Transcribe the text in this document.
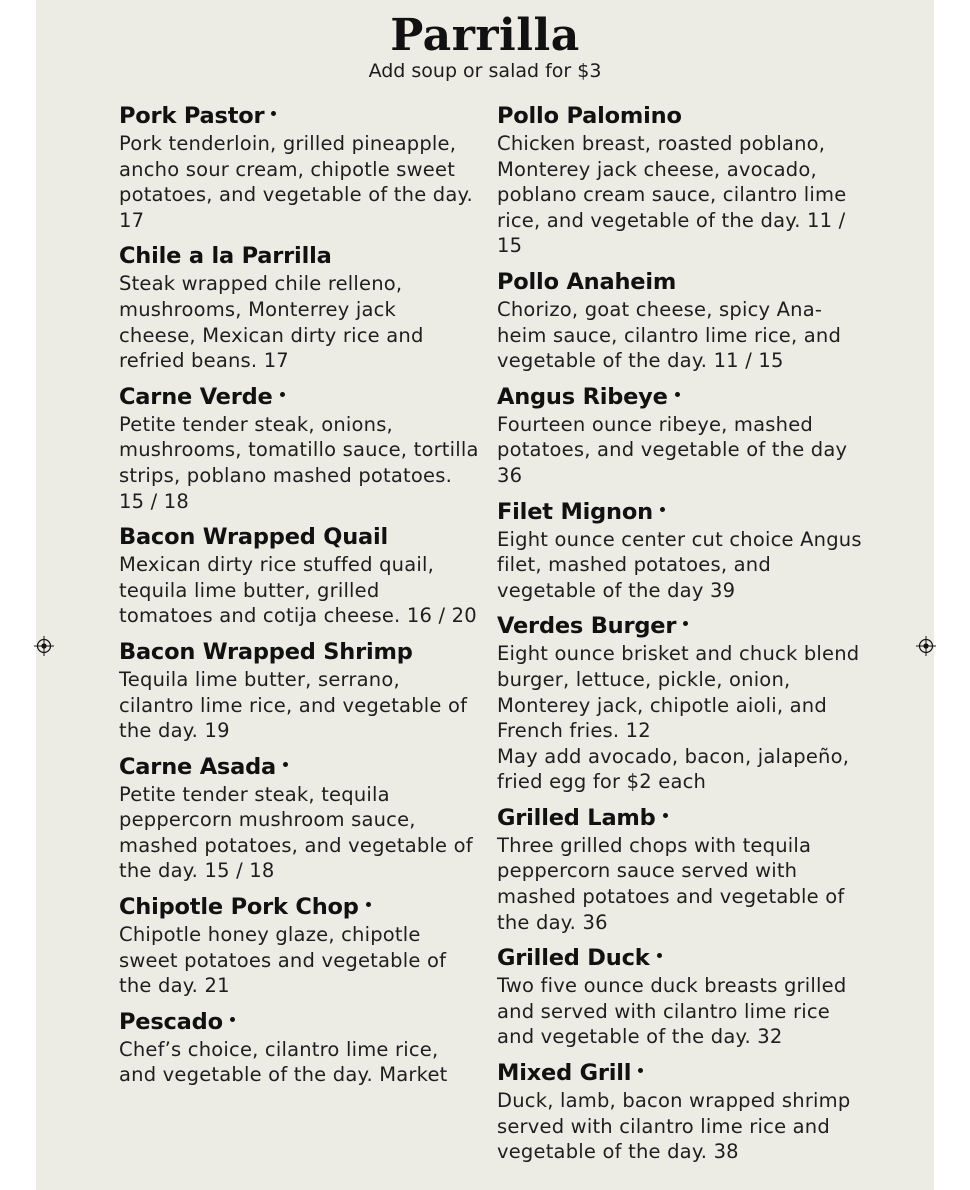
Parrilla
Add soup or salad for $3
Pork Pastor
Pork tenderloin, grilled pineapple, ancho sour cream, chipotle sweet potatoes, and vegetable of the day. 17
Chile a la Parrilla
Steak wrapped chile relleno, mushrooms, Monterrey jack cheese, Mexican dirty rice and refried beans. 17
Carne Verde
Petite tender steak, onions, mushrooms, tomatillo sauce, tortilla strips, poblano mashed potatoes. 15 / 18
Bacon Wrapped Quail
Mexican dirty rice stuffed quail, tequila lime butter, grilled tomatoes and cotija cheese. 16 / 20
Bacon Wrapped Shrimp
Tequila lime butter, serrano, cilantro lime rice, and vegetable of the day. 19
Carne Asada
Petite tender steak, tequila peppercorn mushroom sauce, mashed potatoes, and vegetable of the day. 15 / 18
Chipotle Pork Chop
Chipotle honey glaze, chipotle sweet potatoes and vegetable of the day. 21
Pescado
Chef’s choice, cilantro lime rice, and vegetable of the day. Market
Pollo Palomino
Chicken breast, roasted poblano, Monterey jack cheese, avocado, poblano cream sauce, cilantro lime rice, and vegetable of the day. 11 / 15
Pollo Anaheim
Chorizo, goat cheese, spicy Ana-heim sauce, cilantro lime rice, and vegetable of the day. 11 / 15
Angus Ribeye
Fourteen ounce ribeye, mashed potatoes, and vegetable of the day 36
Filet Mignon
Eight ounce center cut choice Angus filet, mashed potatoes, and vegetable of the day 39
Verdes Burger
Eight ounce brisket and chuck blend burger, lettuce, pickle, onion, Monterey jack, chipotle aioli, and French fries. 12
May add avocado, bacon, jalapeño, fried egg for $2 each
Grilled Lamb
Three grilled chops with tequila peppercorn sauce served with mashed potatoes and vegetable of the day. 36
Grilled Duck
Two five ounce duck breasts grilled and served with cilantro lime rice and vegetable of the day. 32
Mixed Grill
Duck, lamb, bacon wrapped shrimp served with cilantro lime rice and vegetable of the day. 38
